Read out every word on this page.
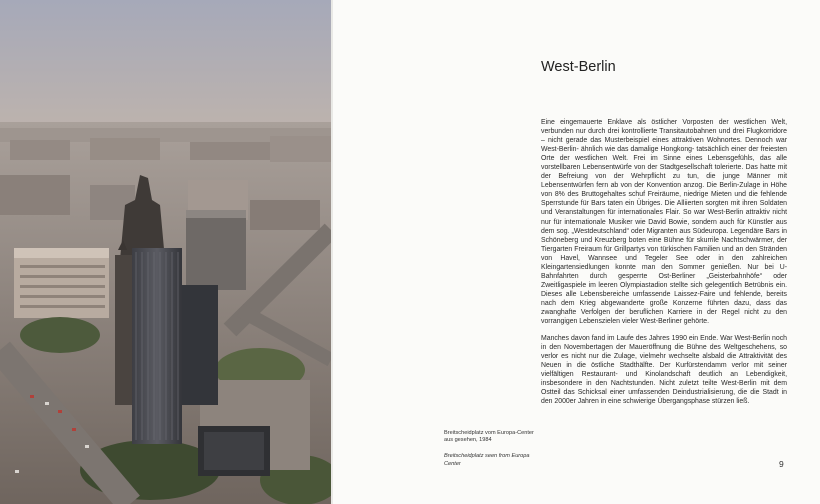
Breitscheidplatz vom Europa-Center aus gesehen, 1984

Breitscheidplatz seen from Europa Center

West-Berlin

Eine eingemauerte Enklave als östlicher Vorposten der westlichen Welt, verbunden nur durch drei kontrollierte Transitautobahnen und drei Flugkorridore – nicht gerade das Musterbeispiel eines attraktiven Wohnortes. Dennoch war West-Berlin- ähnlich wie das damalige Hongkong- tatsächlich einer der freiesten Orte der westlichen Welt. Frei im Sinne eines Lebensgefühls, das alle vorstellbaren Lebensentwürfe von der Stadtgesellschaft tolerierte. Das hatte mit der Befreiung von der Wehrpflicht zu tun, die junge Männer mit Lebensentwürfen fern ab von der Konvention anzog. Die Berlin-Zulage in Höhe von 8% des Bruttogehaltes schuf Freiräume, niedrige Mieten und die fehlende Sperrstunde für Bars taten ein Übriges. Die Alliierten sorgten mit ihren Soldaten und Veranstaltungen für internationales Flair. So war West-Berlin attraktiv nicht nur für internationale Musiker wie David Bowie, sondern auch für Künstler aus dem sog. „Westdeutschland“ oder Migranten aus Südeuropa. Legendäre Bars in Schöneberg und Kreuzberg boten eine Bühne für skurrile Nachtschwärmer, der Tiergarten Freiraum für Grillpartys von türkischen Familien und an den Stränden von Havel, Wannsee und Tegeler See oder in den zahlreichen Kleingartensiedlungen konnte man den Sommer genießen. Nur bei U-Bahnfahrten durch gesperrte Ost-Berliner „Geisterbahnhöfe“ oder Zweitligaspiele im leeren Olympiastadion stellte sich gelegentlich Betrübnis ein. Dieses alle Lebensbereiche umfassende Laissez-Faire und fehlende, bereits nach dem Krieg abgewanderte große Konzerne führten dazu, dass das zwanghafte Verfolgen der beruflichen Karriere in der Regel nicht zu den vorrangigen Lebenszielen vieler West-Berliner gehörte.

Manches davon fand im Laufe des Jahres 1990 ein Ende. War West-Berlin noch in den Novembertagen der Maueröffnung die Bühne des Weltgeschehens, so verlor es nicht nur die Zulage, vielmehr wechselte alsbald die Attraktivität des Neuen in die östliche Stadthälfte. Der Kurfürstendamm verlor mit seiner vielfältigen Restaurant- und Kinolandschaft deutlich an Lebendigkeit, insbesondere in den Nachtstunden. Nicht zuletzt teilte West-Berlin mit dem Ostteil das Schicksal einer umfassenden Deindustrialisierung, die die Stadt in den 2000er Jahren in eine schwierige Übergangsphase stürzen ließ.

9
